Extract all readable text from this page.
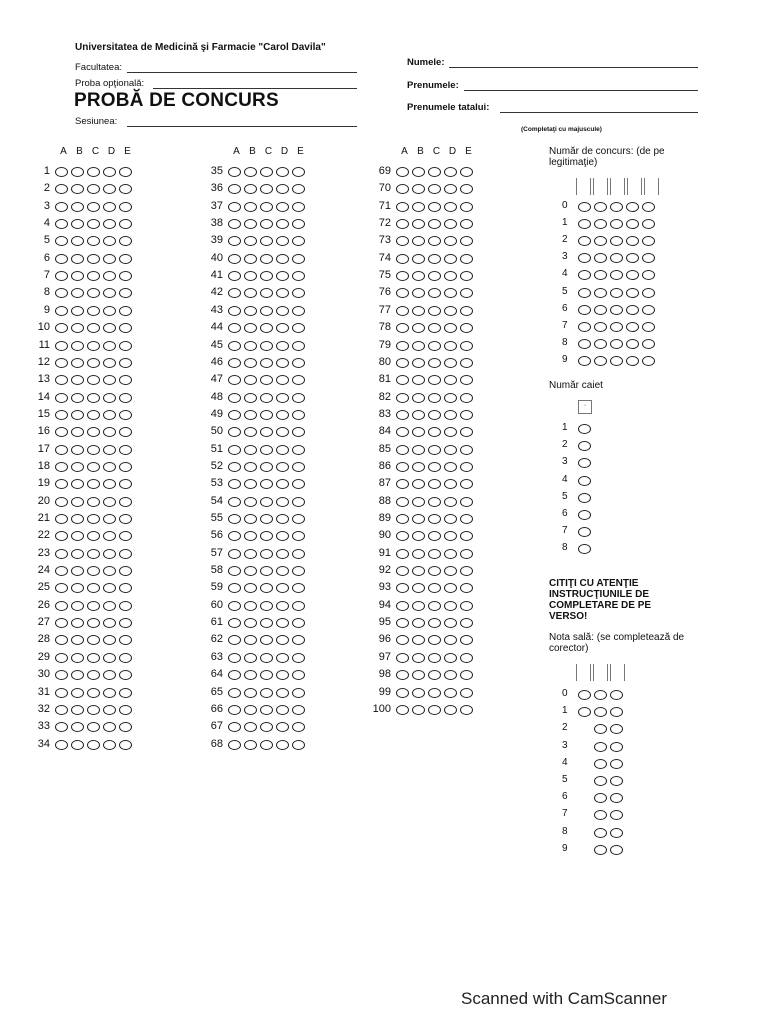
Universitatea de Medicină şi Farmacie "Carol Davila"
Facultatea:
Proba opţională:
PROBĂ DE CONCURS
Sesiunea:
Numele:
Prenumele:
Prenumele tatalui:
(Completaţi cu majuscule)
A B C D E
1
2
3
4
5
6
7
8
9
10
11
12
13
14
15
16
17
18
19
20
21
22
23
24
25
26
27
28
29
30
31
32
33
34
A B C D E
35
36
37
38
39
40
41
42
43
44
45
46
47
48
49
50
51
52
53
54
55
56
57
58
59
60
61
62
63
64
65
66
67
68
A B C D E
69
70
71
72
73
74
75
76
77
78
79
80
81
82
83
84
85
86
87
88
89
90
91
92
93
94
95
96
97
98
99
100
Număr de concurs: (de pe
legitimaţie)
0
1
2
3
4
5
6
7
8
9
Număr caiet
·
1
2
3
4
5
6
7
8
CITIŢI CU ATENŢIE
INSTRUCŢIUNILE DE
COMPLETARE DE PE
VERSO!
Nota sală: (se completează de
corector)
0
1
2
3
4
5
6
7
8
9
Scanned with CamScanner
